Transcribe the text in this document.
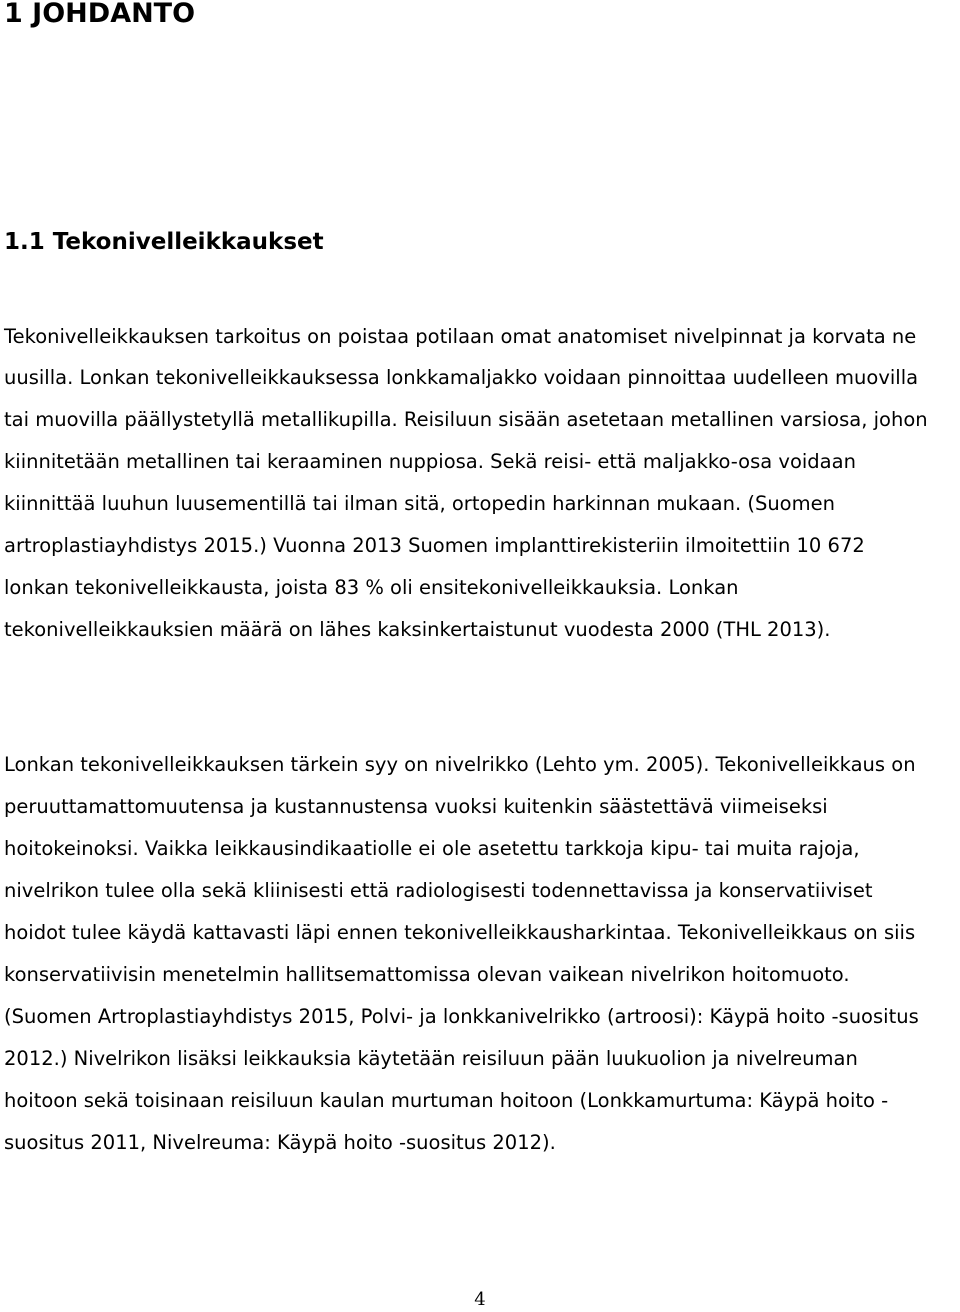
1 JOHDANTO
1.1 Tekonivelleikkaukset

Tekonivelleikkauksen tarkoitus on poistaa potilaan omat anatomiset nivelpinnat ja korvata ne

uusilla. Lonkan tekonivelleikkauksessa lonkkamaljakko voidaan pinnoittaa uudelleen muovilla

tai muovilla päällystetyllä metallikupilla. Reisiluun sisään asetetaan metallinen varsiosa, johon

kiinnitetään metallinen tai keraaminen nuppiosa. Sekä reisi- että maljakko-osa voidaan

kiinnittää luuhun luusementillä tai ilman sitä, ortopedin harkinnan mukaan. (Suomen

artroplastiayhdistys 2015.) Vuonna 2013 Suomen implanttirekisteriin ilmoitettiin 10 672

lonkan tekonivelleikkausta, joista 83 % oli ensitekonivelleikkauksia. Lonkan

tekonivelleikkauksien määrä on lähes kaksinkertaistunut vuodesta 2000 (THL 2013).

Lonkan tekonivelleikkauksen tärkein syy on nivelrikko (Lehto ym. 2005). Tekonivelleikkaus on

peruuttamattomuutensa ja kustannustensa vuoksi kuitenkin säästettävä viimeiseksi

hoitokeinoksi. Vaikka leikkausindikaatiolle ei ole asetettu tarkkoja kipu- tai muita rajoja,

nivelrikon tulee olla sekä kliinisesti että radiologisesti todennettavissa ja konservatiiviset

hoidot tulee käydä kattavasti läpi ennen tekonivelleikkausharkintaa. Tekonivelleikkaus on siis

konservatiivisin menetelmin hallitsemattomissa olevan vaikean nivelrikon hoitomuoto.

(Suomen Artroplastiayhdistys 2015, Polvi- ja lonkkanivelrikko (artroosi): Käypä hoito -suositus

2012.) Nivelrikon lisäksi leikkauksia käytetään reisiluun pään luukuolion ja nivelreuman

hoitoon sekä toisinaan reisiluun kaulan murtuman hoitoon (Lonkkamurtuma: Käypä hoito -

suositus 2011, Nivelreuma: Käypä hoito -suositus 2012).

4
